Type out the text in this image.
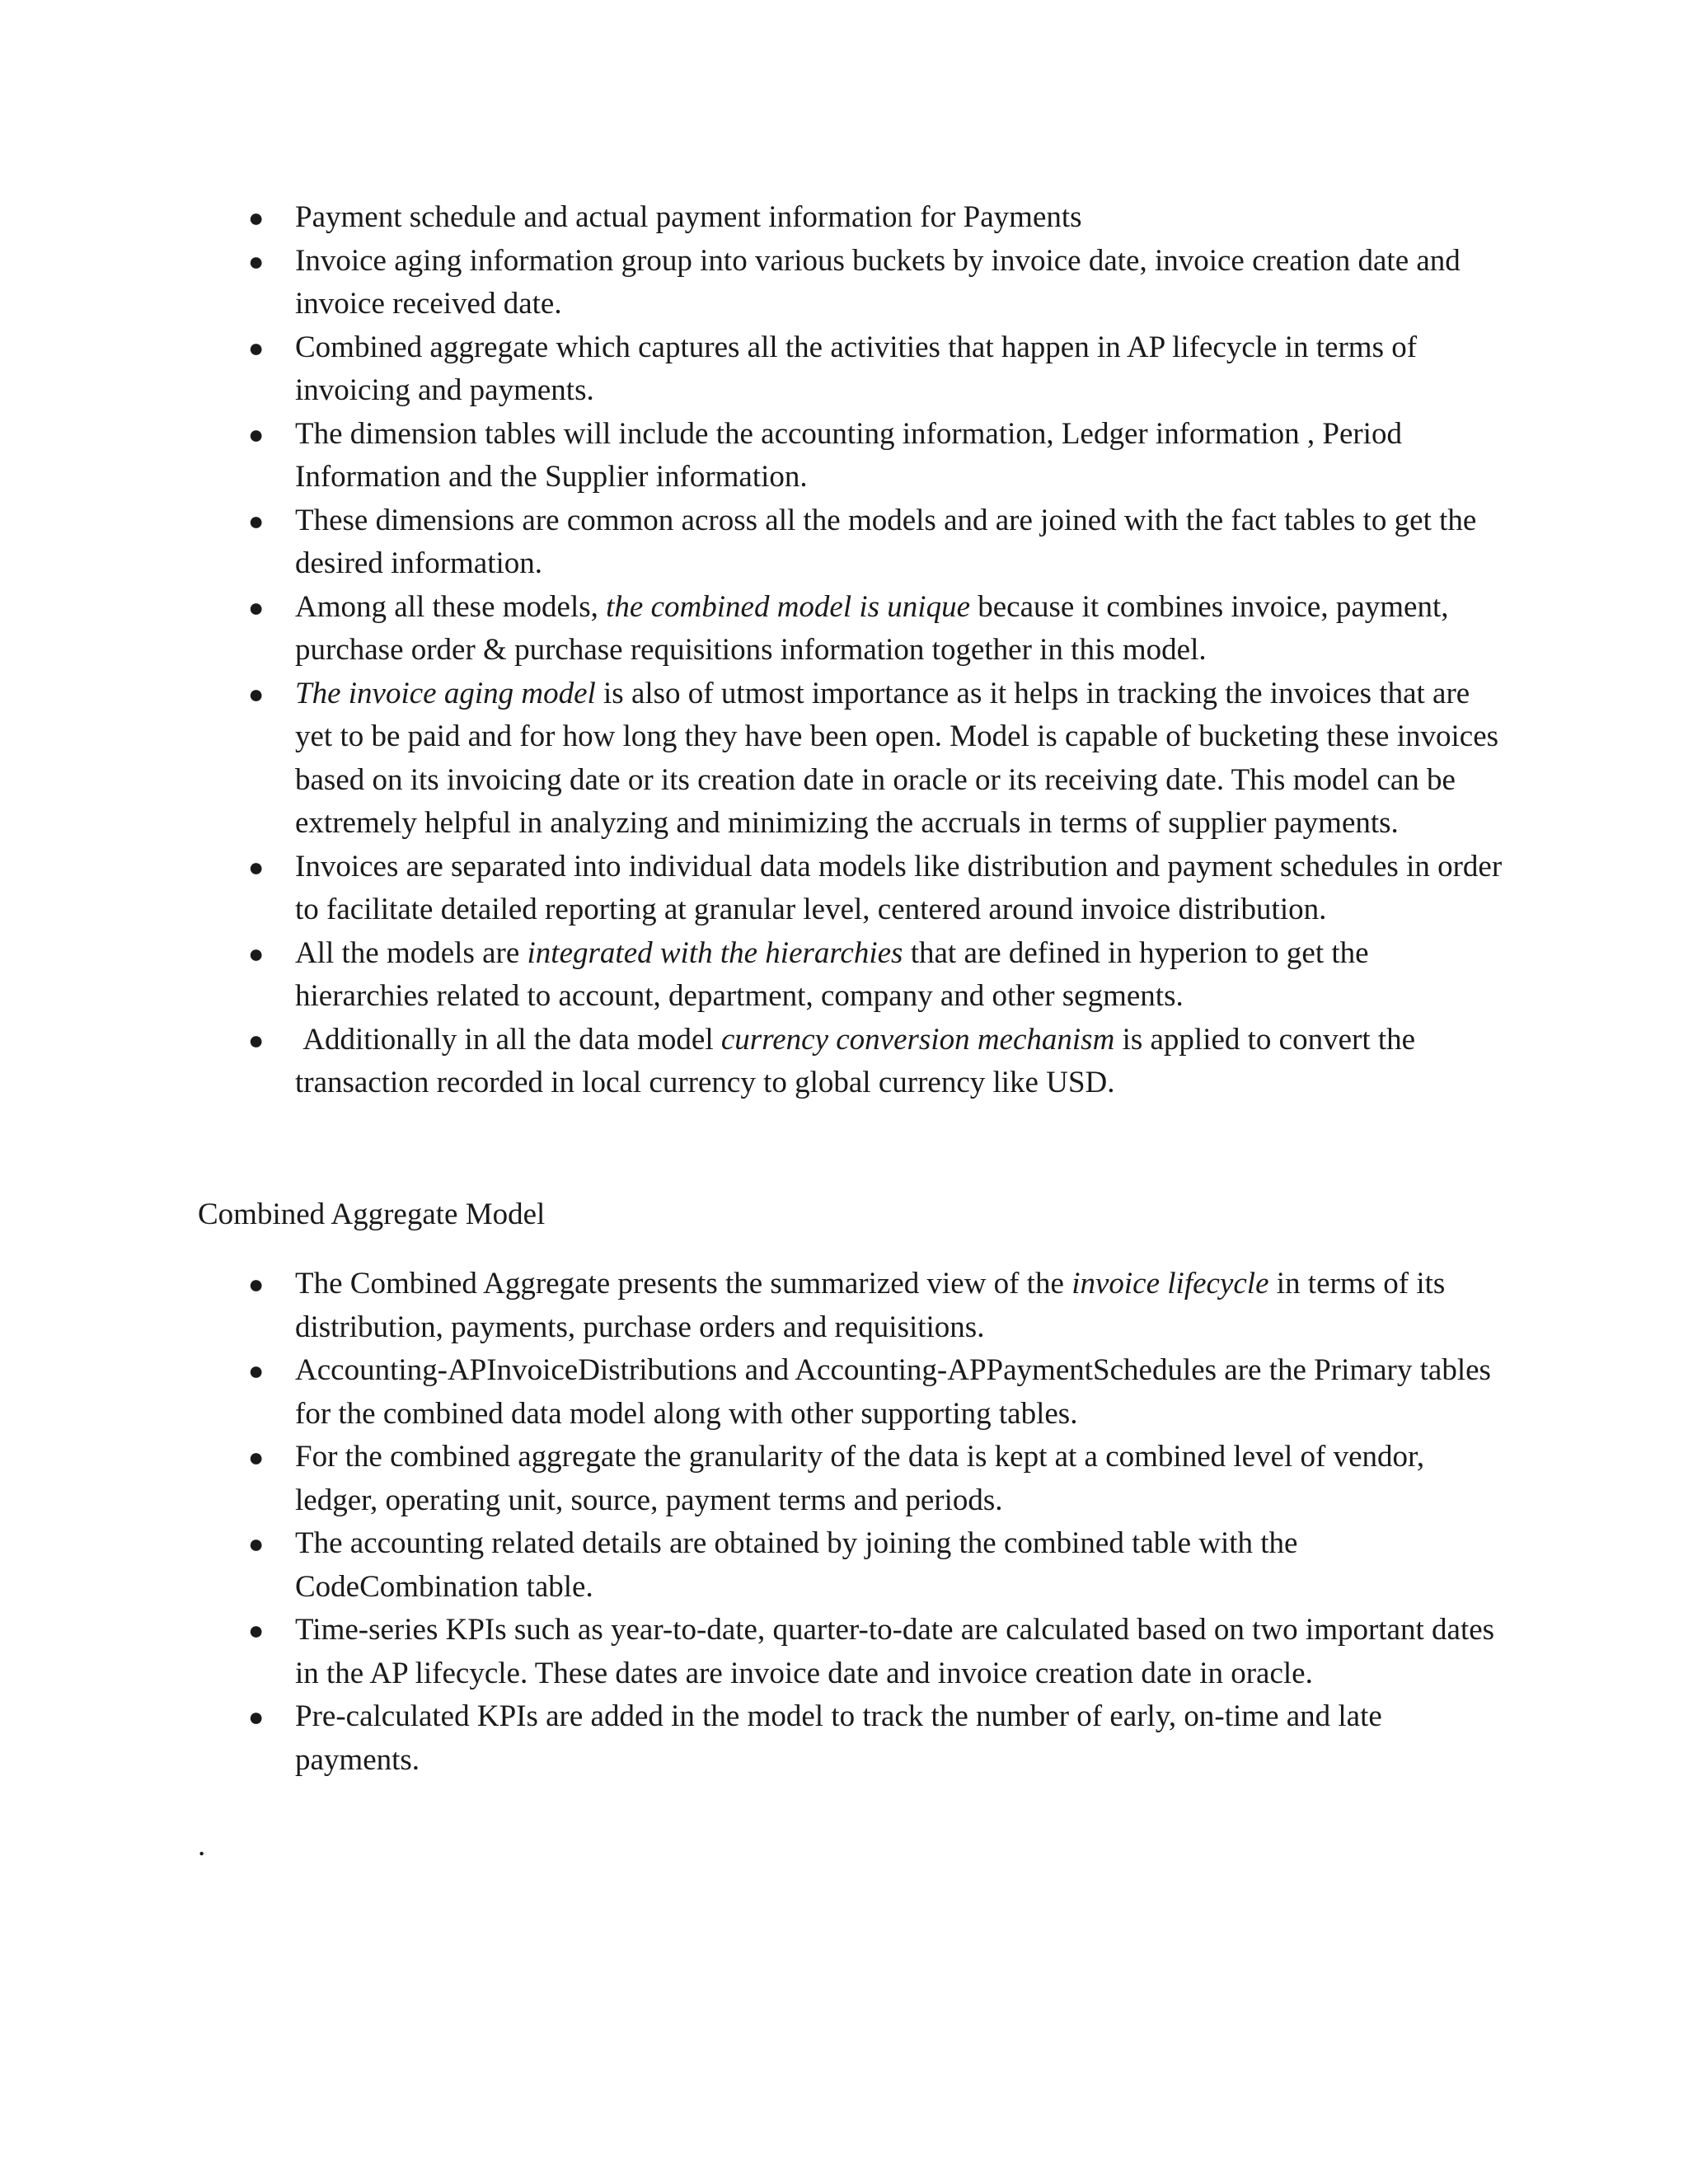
● Payment schedule and actual payment information for Payments
● Invoice aging information group into various buckets by invoice date, invoice creation date and invoice received date.
● Combined aggregate which captures all the activities that happen in AP lifecycle in terms of invoicing and payments.
● The dimension tables will include the accounting information, Ledger information , Period Information and the Supplier information.
● These dimensions are common across all the models and are joined with the fact tables to get the desired information.
● Among all these models, the combined model is unique because it combines invoice, payment, purchase order & purchase requisitions information together in this model.
● The invoice aging model is also of utmost importance as it helps in tracking the invoices that are yet to be paid and for how long they have been open. Model is capable of bucketing these invoices based on its invoicing date or its creation date in oracle or its receiving date. This model can be extremely helpful in analyzing and minimizing the accruals in terms of supplier payments.
● Invoices are separated into individual data models like distribution and payment schedules in order to facilitate detailed reporting at granular level, centered around invoice distribution.
● All the models are integrated with the hierarchies that are defined in hyperion to get the hierarchies related to account, department, company and other segments.
● Additionally in all the data model currency conversion mechanism is applied to convert the transaction recorded in local currency to global currency like USD.
Combined Aggregate Model
● The Combined Aggregate presents the summarized view of the invoice lifecycle in terms of its distribution, payments, purchase orders and requisitions.
● Accounting-APInvoiceDistributions and Accounting-APPaymentSchedules are the Primary tables for the combined data model along with other supporting tables.
● For the combined aggregate the granularity of the data is kept at a combined level of vendor, ledger, operating unit, source, payment terms and periods.
● The accounting related details are obtained by joining the combined table with the CodeCombination table.
● Time-series KPIs such as year-to-date, quarter-to-date are calculated based on two important dates in the AP lifecycle. These dates are invoice date and invoice creation date in oracle.
● Pre-calculated KPIs are added in the model to track the number of early, on-time and late payments.
.
